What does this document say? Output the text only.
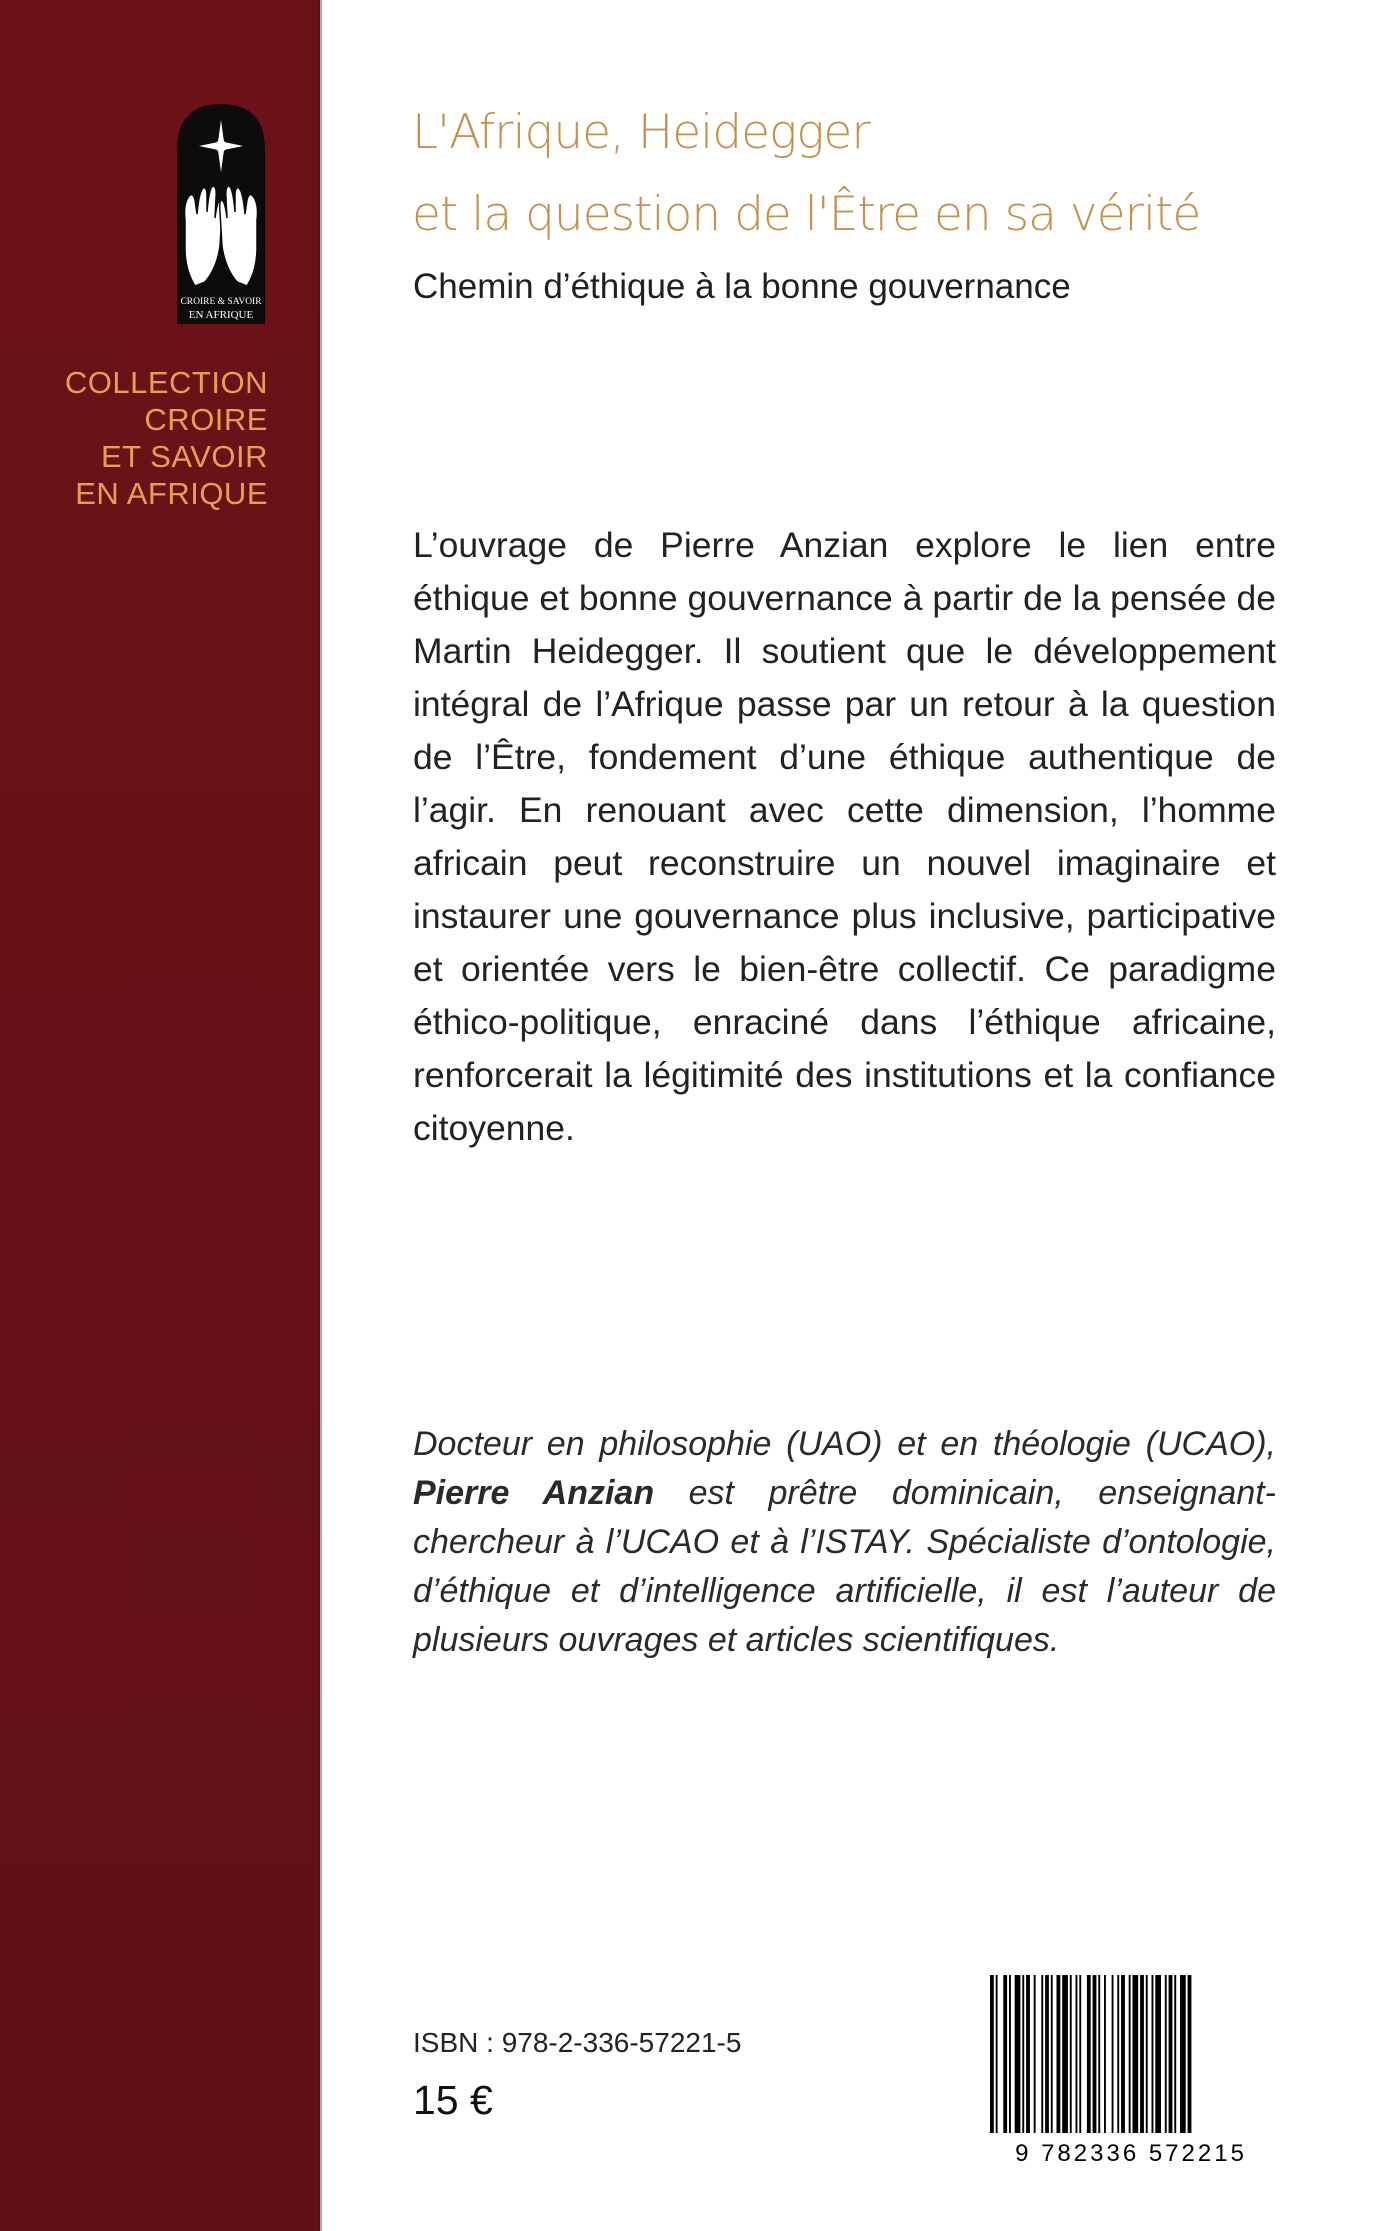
CROIRE & SAVOIR
EN AFRIQUE
COLLECTION
CROIRE
ET SAVOIR
EN AFRIQUE
L'Afrique, Heidegger
et la question de l'Être en sa vérité
Chemin d’éthique à la bonne gouvernance
L’ouvrage de Pierre Anzian explore le lien entre éthique et bonne gouvernance à partir de la pensée de Martin Heidegger. Il soutient que le développement intégral de l’Afrique passe par un retour à la question de l’Être, fondement d’une éthique authentique de l’agir. En renouant avec cette dimension, l’homme africain peut reconstruire un nouvel imaginaire et instaurer une gouvernance plus inclusive, participative et orientée vers le bien-être collectif. Ce paradigme éthico-politique, enraciné dans l’éthique africaine, renforcerait la légitimité des institutions et la confiance citoyenne.
Docteur en philosophie (UAO) et en théologie (UCAO), Pierre Anzian est prêtre dominicain, enseignant-chercheur à l’UCAO et à l’ISTAY. Spécialiste d’ontologie, d’éthique et d’intelligence artificielle, il est l’auteur de plusieurs ouvrages et articles scientifiques.
ISBN : 978-2-336-57221-5
15 €
9 782336 572215
